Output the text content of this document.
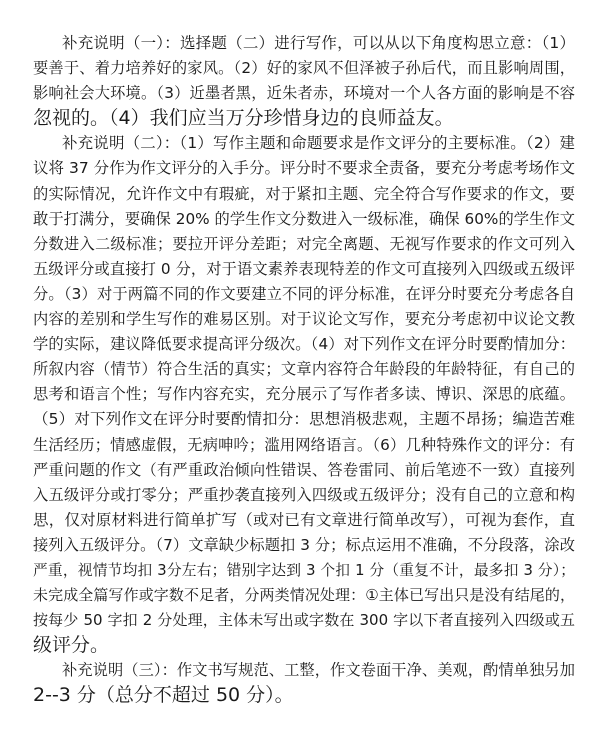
补充说明（一）：选择题（二）进行写作，可以从以下角度构思立意：（1）
要善于、着力培养好的家风。（2）好的家风不但泽被子孙后代，而且影响周围，
影响社会大环境。（3）近墨者黑，近朱者赤，环境对一个人各方面的影响是不容
忽视的。（4）我们应当万分珍惜身边的良师益友。
补充说明（二）：（1）写作主题和命题要求是作文评分的主要标准。（2）建
议将 37 分作为作文评分的入手分。评分时不要求全责备，要充分考虑考场作文
的实际情况，允许作文中有瑕疵，对于紧扣主题、完全符合写作要求的作文，要
敢于打满分，要确保 20% 的学生作文分数进入一级标准，确保 60%的学生作文
分数进入二级标准；要拉开评分差距；对完全离题、无视写作要求的作文可列入
五级评分或直接打 0 分，对于语文素养表现特差的作文可直接列入四级或五级评
分。（3）对于两篇不同的作文要建立不同的评分标准，在评分时要充分考虑各自
内容的差别和学生写作的难易区别。对于议论文写作，要充分考虑初中议论文教
学的实际，建议降低要求提高评分级次。（4）对下列作文在评分时要酌情加分：
所叙内容（情节）符合生活的真实；文章内容符合年龄段的年龄特征，有自己的
思考和语言个性；写作内容充实，充分展示了写作者多读、博识、深思的底蕴。
（5）对下列作文在评分时要酌情扣分：思想消极悲观，主题不昂扬；编造苦难
生活经历；情感虚假，无病呻吟；滥用网络语言。（6）几种特殊作文的评分：有
严重问题的作文（有严重政治倾向性错误、答卷雷同、前后笔迹不一致）直接列
入五级评分或打零分；严重抄袭直接列入四级或五级评分；没有自己的立意和构
思，仅对原材料进行简单扩写（或对已有文章进行简单改写），可视为套作，直
接列入五级评分。（7）文章缺少标题扣 3 分；标点运用不准确，不分段落，涂改
严重，视情节均扣 3分左右；错别字达到 3 个扣 1 分（重复不计，最多扣 3 分）；
未完成全篇写作或字数不足者，分两类情况处理：①主体已写出只是没有结尾的，
按每少 50 字扣 2 分处理，主体未写出或字数在 300 字以下者直接列入四级或五
级评分。
补充说明（三）：作文书写规范、工整，作文卷面干净、美观，酌情单独另加
2--3 分（总分不超过 50 分）。
